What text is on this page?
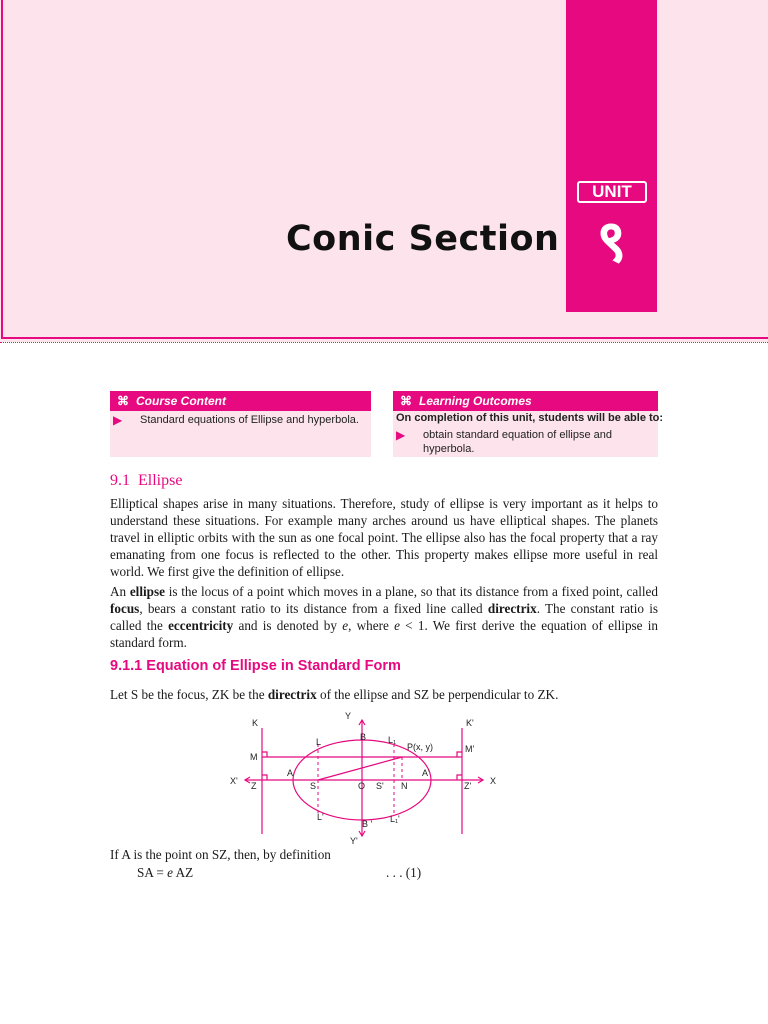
UNIT
९
Conic Section
⌘ Course Content
▶ Standard equations of Ellipse and hyperbola.
⌘ Learning Outcomes
On completion of this unit, students will be able to:
▶ obtain standard equation of ellipse and
hyperbola.
9.1 Ellipse

Elliptical shapes arise in many situations. Therefore, study of ellipse is very important as it helps to understand these situations. For example many arches around us have elliptical shapes. The planets travel in elliptic orbits with the sun as one focal point. The ellipse also has the focal property that a ray emanating from one focus is reflected to the other. This property makes ellipse more useful in real world. We first give the definition of ellipse.

An ellipse is the locus of a point which moves in a plane, so that its distance from a fixed point, called focus, bears a constant ratio to its distance from a fixed line called directrix. The constant ratio is called the eccentricity and is denoted by e, where e < 1. We first derive the equation of ellipse in standard form.

9.1.1 Equation of Ellipse in Standard Form
Let S be the focus, ZK be the directrix of the ellipse and SZ be perpendicular to ZK.
K	K'
Y
Y'
B
B '
L
L'
L₁
L₁'
P(x, y)
M
M'
X'	X
A	A'
Z	Z'
S	O S' N
If A is the point on SZ, then, by definition
SA = e AZ	. . . (1)
